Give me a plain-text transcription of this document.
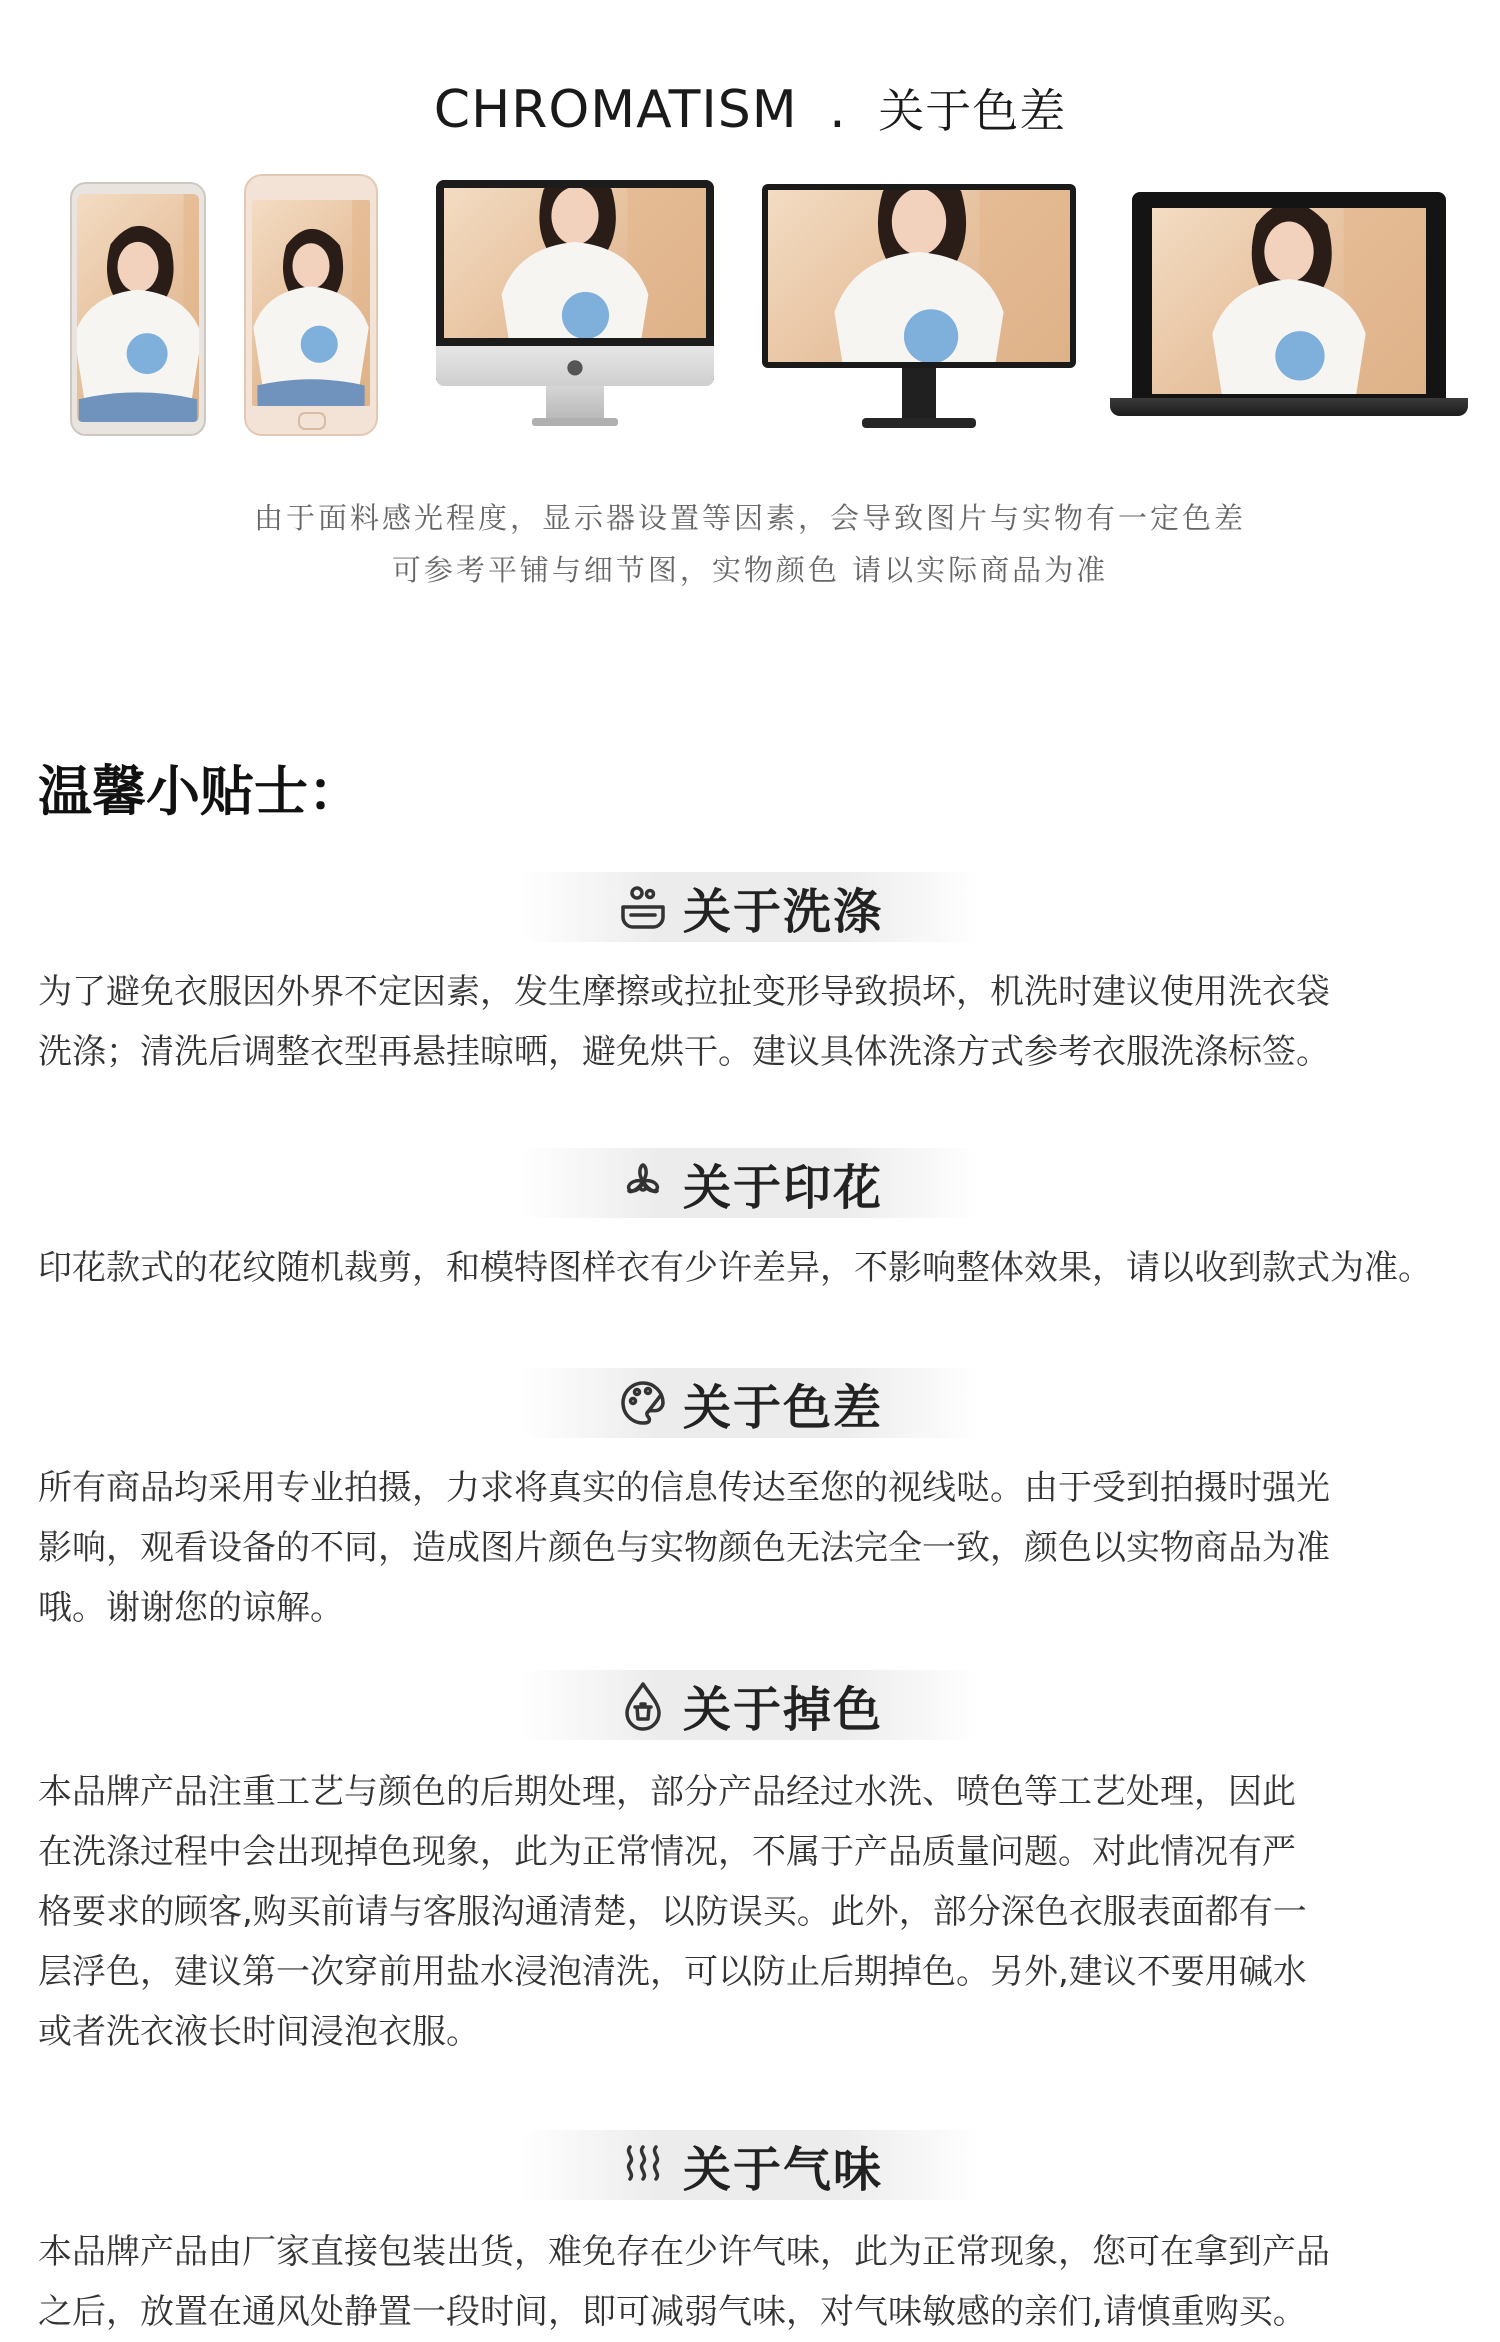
CHROMATISM . 关于色差
●
由于面料感光程度，显示器设置等因素，会导致图片与实物有一定色差
可参考平铺与细节图，实物颜色 请以实际商品为准
温馨小贴士：
关于洗涤
为了避免衣服因外界不定因素，发生摩擦或拉扯变形导致损坏，机洗时建议使用洗衣袋
洗涤；清洗后调整衣型再悬挂晾晒，避免烘干。建议具体洗涤方式参考衣服洗涤标签。
关于印花
印花款式的花纹随机裁剪，和模特图样衣有少许差异，不影响整体效果，请以收到款式为准。
关于色差
所有商品均采用专业拍摄，力求将真实的信息传达至您的视线哒。由于受到拍摄时强光
影响，观看设备的不同，造成图片颜色与实物颜色无法完全一致，颜色以实物商品为准
哦。谢谢您的谅解。
关于掉色
本品牌产品注重工艺与颜色的后期处理，部分产品经过水洗、喷色等工艺处理，因此
在洗涤过程中会出现掉色现象，此为正常情况，不属于产品质量问题。对此情况有严
格要求的顾客,购买前请与客服沟通清楚，以防误买。此外，部分深色衣服表面都有一
层浮色，建议第一次穿前用盐水浸泡清洗，可以防止后期掉色。另外,建议不要用碱水
或者洗衣液长时间浸泡衣服。
关于气味
本品牌产品由厂家直接包装出货，难免存在少许气味，此为正常现象，您可在拿到产品
之后，放置在通风处静置一段时间，即可减弱气味，对气味敏感的亲们,请慎重购买。
